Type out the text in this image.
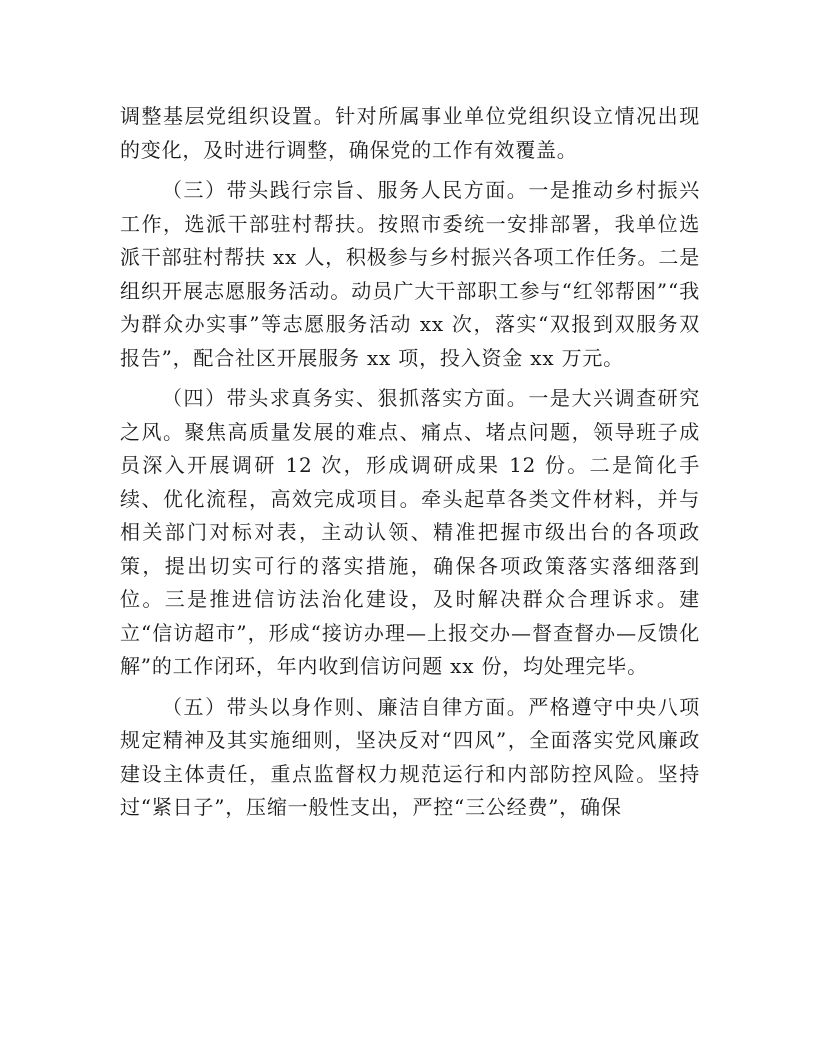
调整基层党组织设置。针对所属事业单位党组织设立情况出现的变化，及时进行调整，确保党的工作有效覆盖。

（三）带头践行宗旨、服务人民方面。一是推动乡村振兴工作，选派干部驻村帮扶。按照市委统一安排部署，我单位选派干部驻村帮扶 xx 人，积极参与乡村振兴各项工作任务。二是组织开展志愿服务活动。动员广大干部职工参与“红邻帮困”“我为群众办实事”等志愿服务活动 xx 次，落实“双报到双服务双报告”，配合社区开展服务 xx 项，投入资金 xx 万元。

（四）带头求真务实、狠抓落实方面。一是大兴调查研究之风。聚焦高质量发展的难点、痛点、堵点问题，领导班子成员深入开展调研 12 次，形成调研成果 12 份。二是简化手续、优化流程，高效完成项目。牵头起草各类文件材料，并与相关部门对标对表，主动认领、精准把握市级出台的各项政策，提出切实可行的落实措施，确保各项政策落实落细落到位。三是推进信访法治化建设，及时解决群众合理诉求。建立“信访超市”，形成“接访办理—上报交办—督查督办—反馈化解”的工作闭环，年内收到信访问题 xx 份，均处理完毕。

（五）带头以身作则、廉洁自律方面。严格遵守中央八项规定精神及其实施细则，坚决反对“四风”，全面落实党风廉政建设主体责任，重点监督权力规范运行和内部防控风险。坚持过“紧日子”，压缩一般性支出，严控“三公经费”，确保
